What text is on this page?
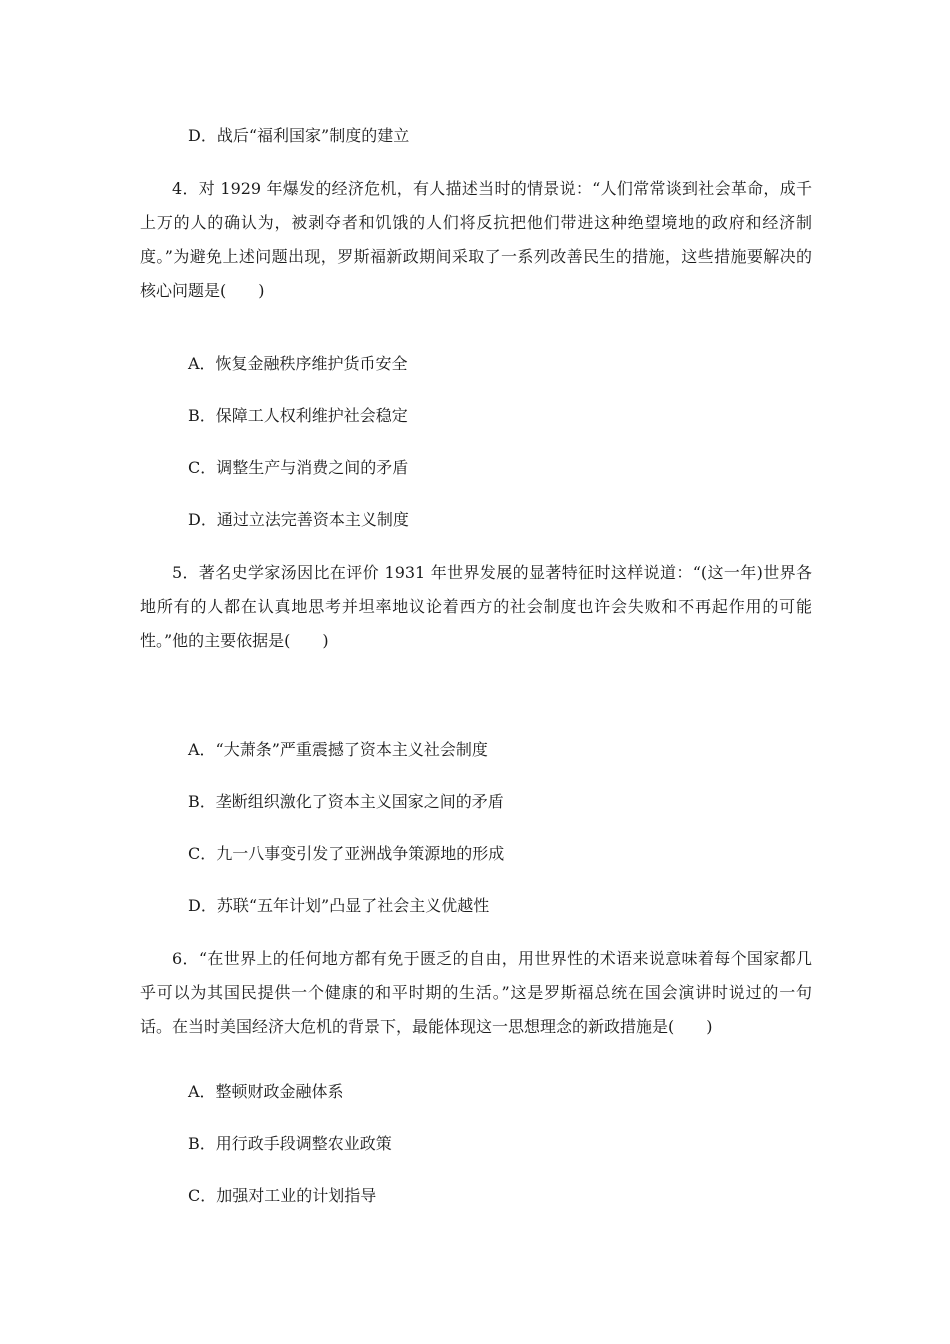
D．战后“福利国家”制度的建立
4．对 1929 年爆发的经济危机，有人描述当时的情景说：“人们常常谈到社会革命，成千上万的人的确认为，被剥夺者和饥饿的人们将反抗把他们带进这种绝望境地的政府和经济制度。”为避免上述问题出现，罗斯福新政期间采取了一系列改善民生的措施，这些措施要解决的核心问题是(　　)
A．恢复金融秩序维护货币安全
B．保障工人权利维护社会稳定
C．调整生产与消费之间的矛盾
D．通过立法完善资本主义制度
5．著名史学家汤因比在评价 1931 年世界发展的显著特征时这样说道：“(这一年)世界各地所有的人都在认真地思考并坦率地议论着西方的社会制度也许会失败和不再起作用的可能性。”他的主要依据是(　　)
A．“大萧条”严重震撼了资本主义社会制度
B．垄断组织激化了资本主义国家之间的矛盾
C．九一八事变引发了亚洲战争策源地的形成
D．苏联“五年计划”凸显了社会主义优越性
6．“在世界上的任何地方都有免于匮乏的自由，用世界性的术语来说意味着每个国家都几乎可以为其国民提供一个健康的和平时期的生活。”这是罗斯福总统在国会演讲时说过的一句话。在当时美国经济大危机的背景下，最能体现这一思想理念的新政措施是(　　)
A．整顿财政金融体系
B．用行政手段调整农业政策
C．加强对工业的计划指导
